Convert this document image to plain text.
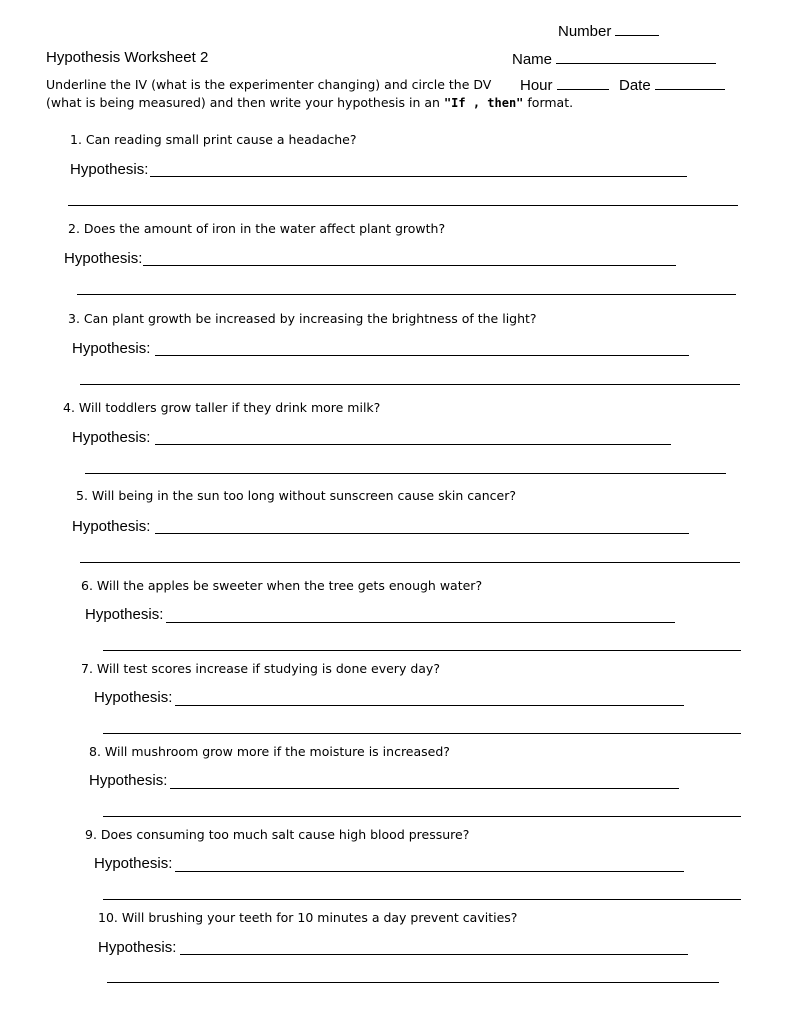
Number
Hypothesis Worksheet 2	Name
Underline the IV (what is the experimenter changing) and circle the DV Hour	Date
(what is being measured) and then write your hypothesis in an "If , then" format.
1. Can reading small print cause a headache?
Hypothesis:
2. Does the amount of iron in the water affect plant growth?
Hypothesis:
3. Can plant growth be increased by increasing the brightness of the light?
Hypothesis:
4. Will toddlers grow taller if they drink more milk?
Hypothesis:
5. Will being in the sun too long without sunscreen cause skin cancer?
Hypothesis:
6. Will the apples be sweeter when the tree gets enough water?
Hypothesis:
7. Will test scores increase if studying is done every day?
Hypothesis:
8. Will mushroom grow more if the moisture is increased?
Hypothesis:
9. Does consuming too much salt cause high blood pressure?
Hypothesis:
10. Will brushing your teeth for 10 minutes a day prevent cavities?
Hypothesis:
